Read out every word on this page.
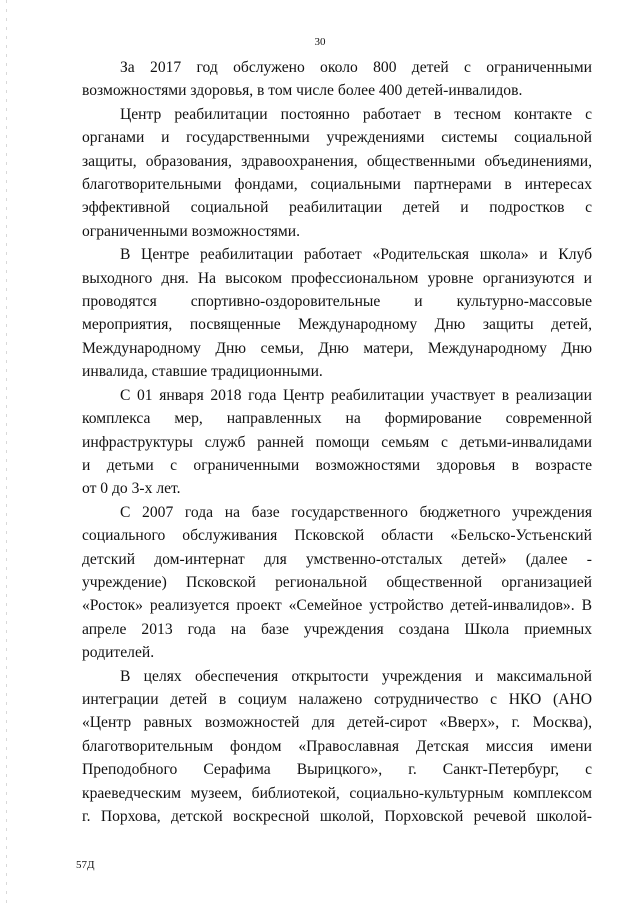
30

За 2017 год обслужено около 800 детей с ограниченными
возможностями здоровья, в том числе более 400 детей-инвалидов.

Центр реабилитации постоянно работает в тесном контакте с
органами и государственными учреждениями системы социальной
защиты, образования, здравоохранения, общественными объединениями,
благотворительными фондами, социальными партнерами в интересах
эффективной социальной реабилитации детей и подростков с
ограниченными возможностями.

В Центре реабилитации работает «Родительская школа» и Клуб
выходного дня. На высоком профессиональном уровне организуются и
проводятся спортивно-оздоровительные и культурно-массовые
мероприятия, посвященные Международному Дню защиты детей,
Международному Дню семьи, Дню матери, Международному Дню
инвалида, ставшие традиционными.

С 01 января 2018 года Центр реабилитации участвует в реализации
комплекса мер, направленных на формирование современной
инфраструктуры служб ранней помощи семьям с детьми-инвалидами
и детьми с ограниченными возможностями здоровья в возрасте
от 0 до 3-х лет.

С 2007 года на базе государственного бюджетного учреждения
социального обслуживания Псковской области «Бельско-Устьенский
детский дом-интернат для умственно-отсталых детей» (далее -
учреждение) Псковской региональной общественной организацией
«Росток» реализуется проект «Семейное устройство детей-инвалидов». В
апреле 2013 года на базе учреждения создана Школа приемных
родителей.

В целях обеспечения открытости учреждения и максимальной
интеграции детей в социум налажено сотрудничество с НКО (АНО
«Центр равных возможностей для детей-сирот «Вверх», г. Москва),
благотворительным фондом «Православная Детская миссия имени
Преподобного Серафима Вырицкого», г. Санкт-Петербург, с
краеведческим музеем, библиотекой, социально-культурным комплексом
г. Порхова, детской воскресной школой, Порховской речевой школой-

57Д
